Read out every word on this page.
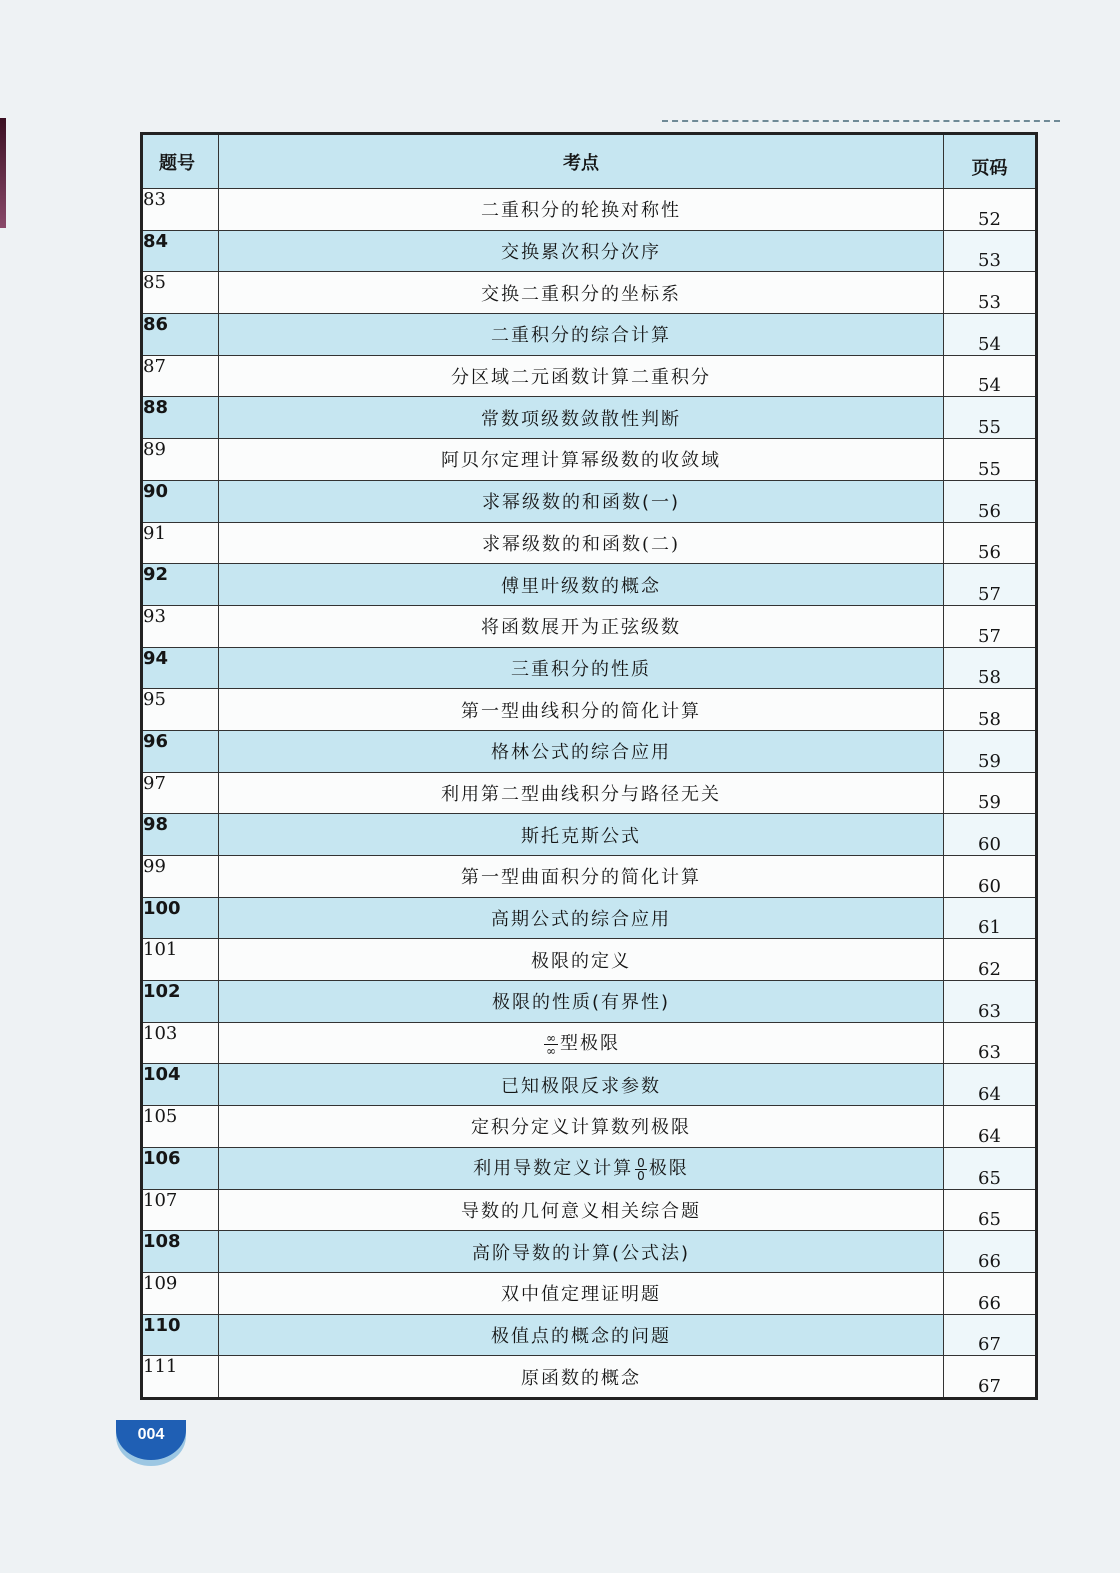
题号	考点	页码
83	二重积分的轮换对称性	52
84	交换累次积分次序	53
85	交换二重积分的坐标系	53
86	二重积分的综合计算	54
87	分区域二元函数计算二重积分	54
88	常数项级数敛散性判断	55
89	阿贝尔定理计算幂级数的收敛域	55
90	求幂级数的和函数(一)	56
91	求幂级数的和函数(二)	56
92	傅里叶级数的概念	57
93	将函数展开为正弦级数	57
94	三重积分的性质	58
95	第一型曲线积分的简化计算	58
96	格林公式的综合应用	59
97	利用第二型曲线积分与路径无关	59
98	斯托克斯公式	60
99	第一型曲面积分的简化计算	60
100	高期公式的综合应用	61
101	极限的定义	62
102	极限的性质(有界性)	63
103	$\frac{\infty}{\infty}$ 型极限	63
104	已知极限反求参数	64
105	定积分定义计算数列极限	64
106	利用导数定义计算 $\frac{0}{0}$ 极限	65
107	导数的几何意义相关综合题	65
108	高阶导数的计算(公式法)	66
109	双中值定理证明题	66
110	极值点的概念的问题	67
111	原函数的概念	67
004
